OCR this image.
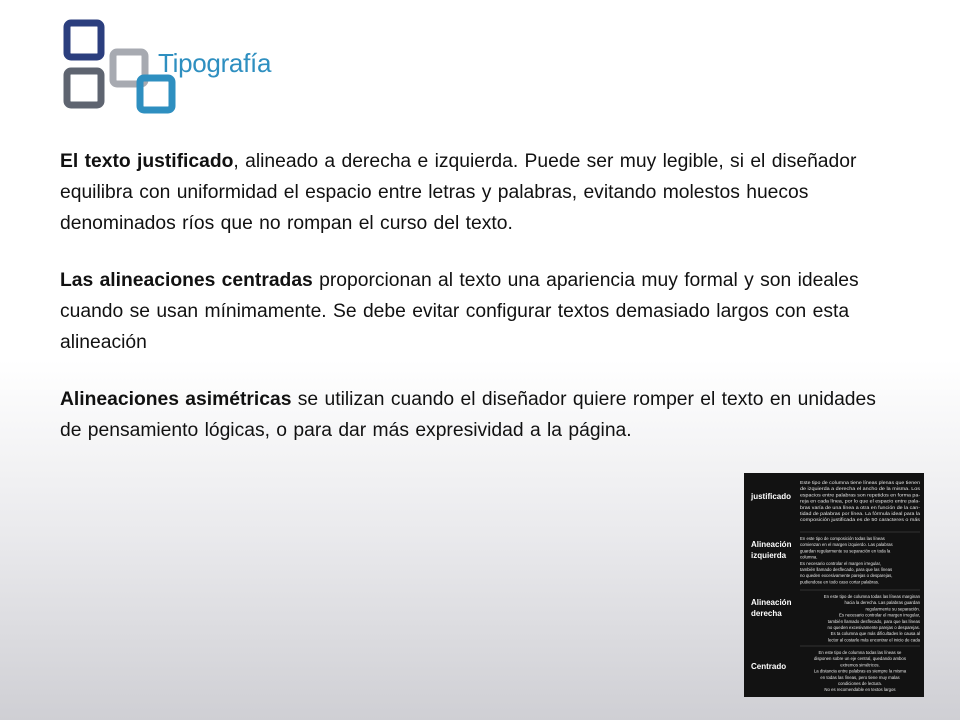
Tipografía

El texto justificado, alineado a derecha e izquierda. Puede ser muy legible, si el diseñador equilibra con uniformidad el espacio entre letras y palabras, evitando molestos huecos denominados ríos que no rompan el curso del texto.

Las alineaciones centradas proporcionan al texto una apariencia muy formal y son ideales cuando se usan mínimamente. Se debe evitar configurar textos demasiado largos con esta alineación

Alineaciones asimétricas se utilizan cuando el diseñador quiere romper el texto en unidades de pensamiento lógicas, o para dar más expresividad a la página.

justificado
Este tipo de columna tiene líneas plenas que tienen
de izquierda a derecha el ancho de la misma. Los
espacios entre palabras son repetidos en forma pa-
reja en cada línea, por lo que el espacio entre pala-
bras varía de una línea a otra en función de la can-
tidad de palabras por línea. La fórmula ideal para la
composición justificada es de 50 caracteres o más
Alineación
izquierda
En este tipo de composición todas las líneas
comienzan en el margen izquierdo. Las palabras
guardan regularmente su separación en toda la
columna.
Es necesario controlar el margen irregular,
también llamado desflecado, para que las líneas
no queden excesivamente parejas o desparejas,
pudiendose en todo caso cortar palabras.
Alineación
derecha
En este tipo de columna todas las líneas marginan
hacia la derecha. Las palabras guardan
regularmente su separación.
Es necesario controlar el margen irregular,
también llamado desflecado, para que las líneas
no queden excesivamente parejas o desparejas.
Es ta columna que más dificultades le causa al
lector al costarle más encontrar el inicio de cada
Centrado
En este tipo de columna todas las líneas se
disponen sobre un eje central, quedando ambos
extremos simétricos.
La distancia entre palabras es siempre la misma
en todas las líneas, pero tiene muy malas
condiciones de lectura.
No es recomendable en textos largos
